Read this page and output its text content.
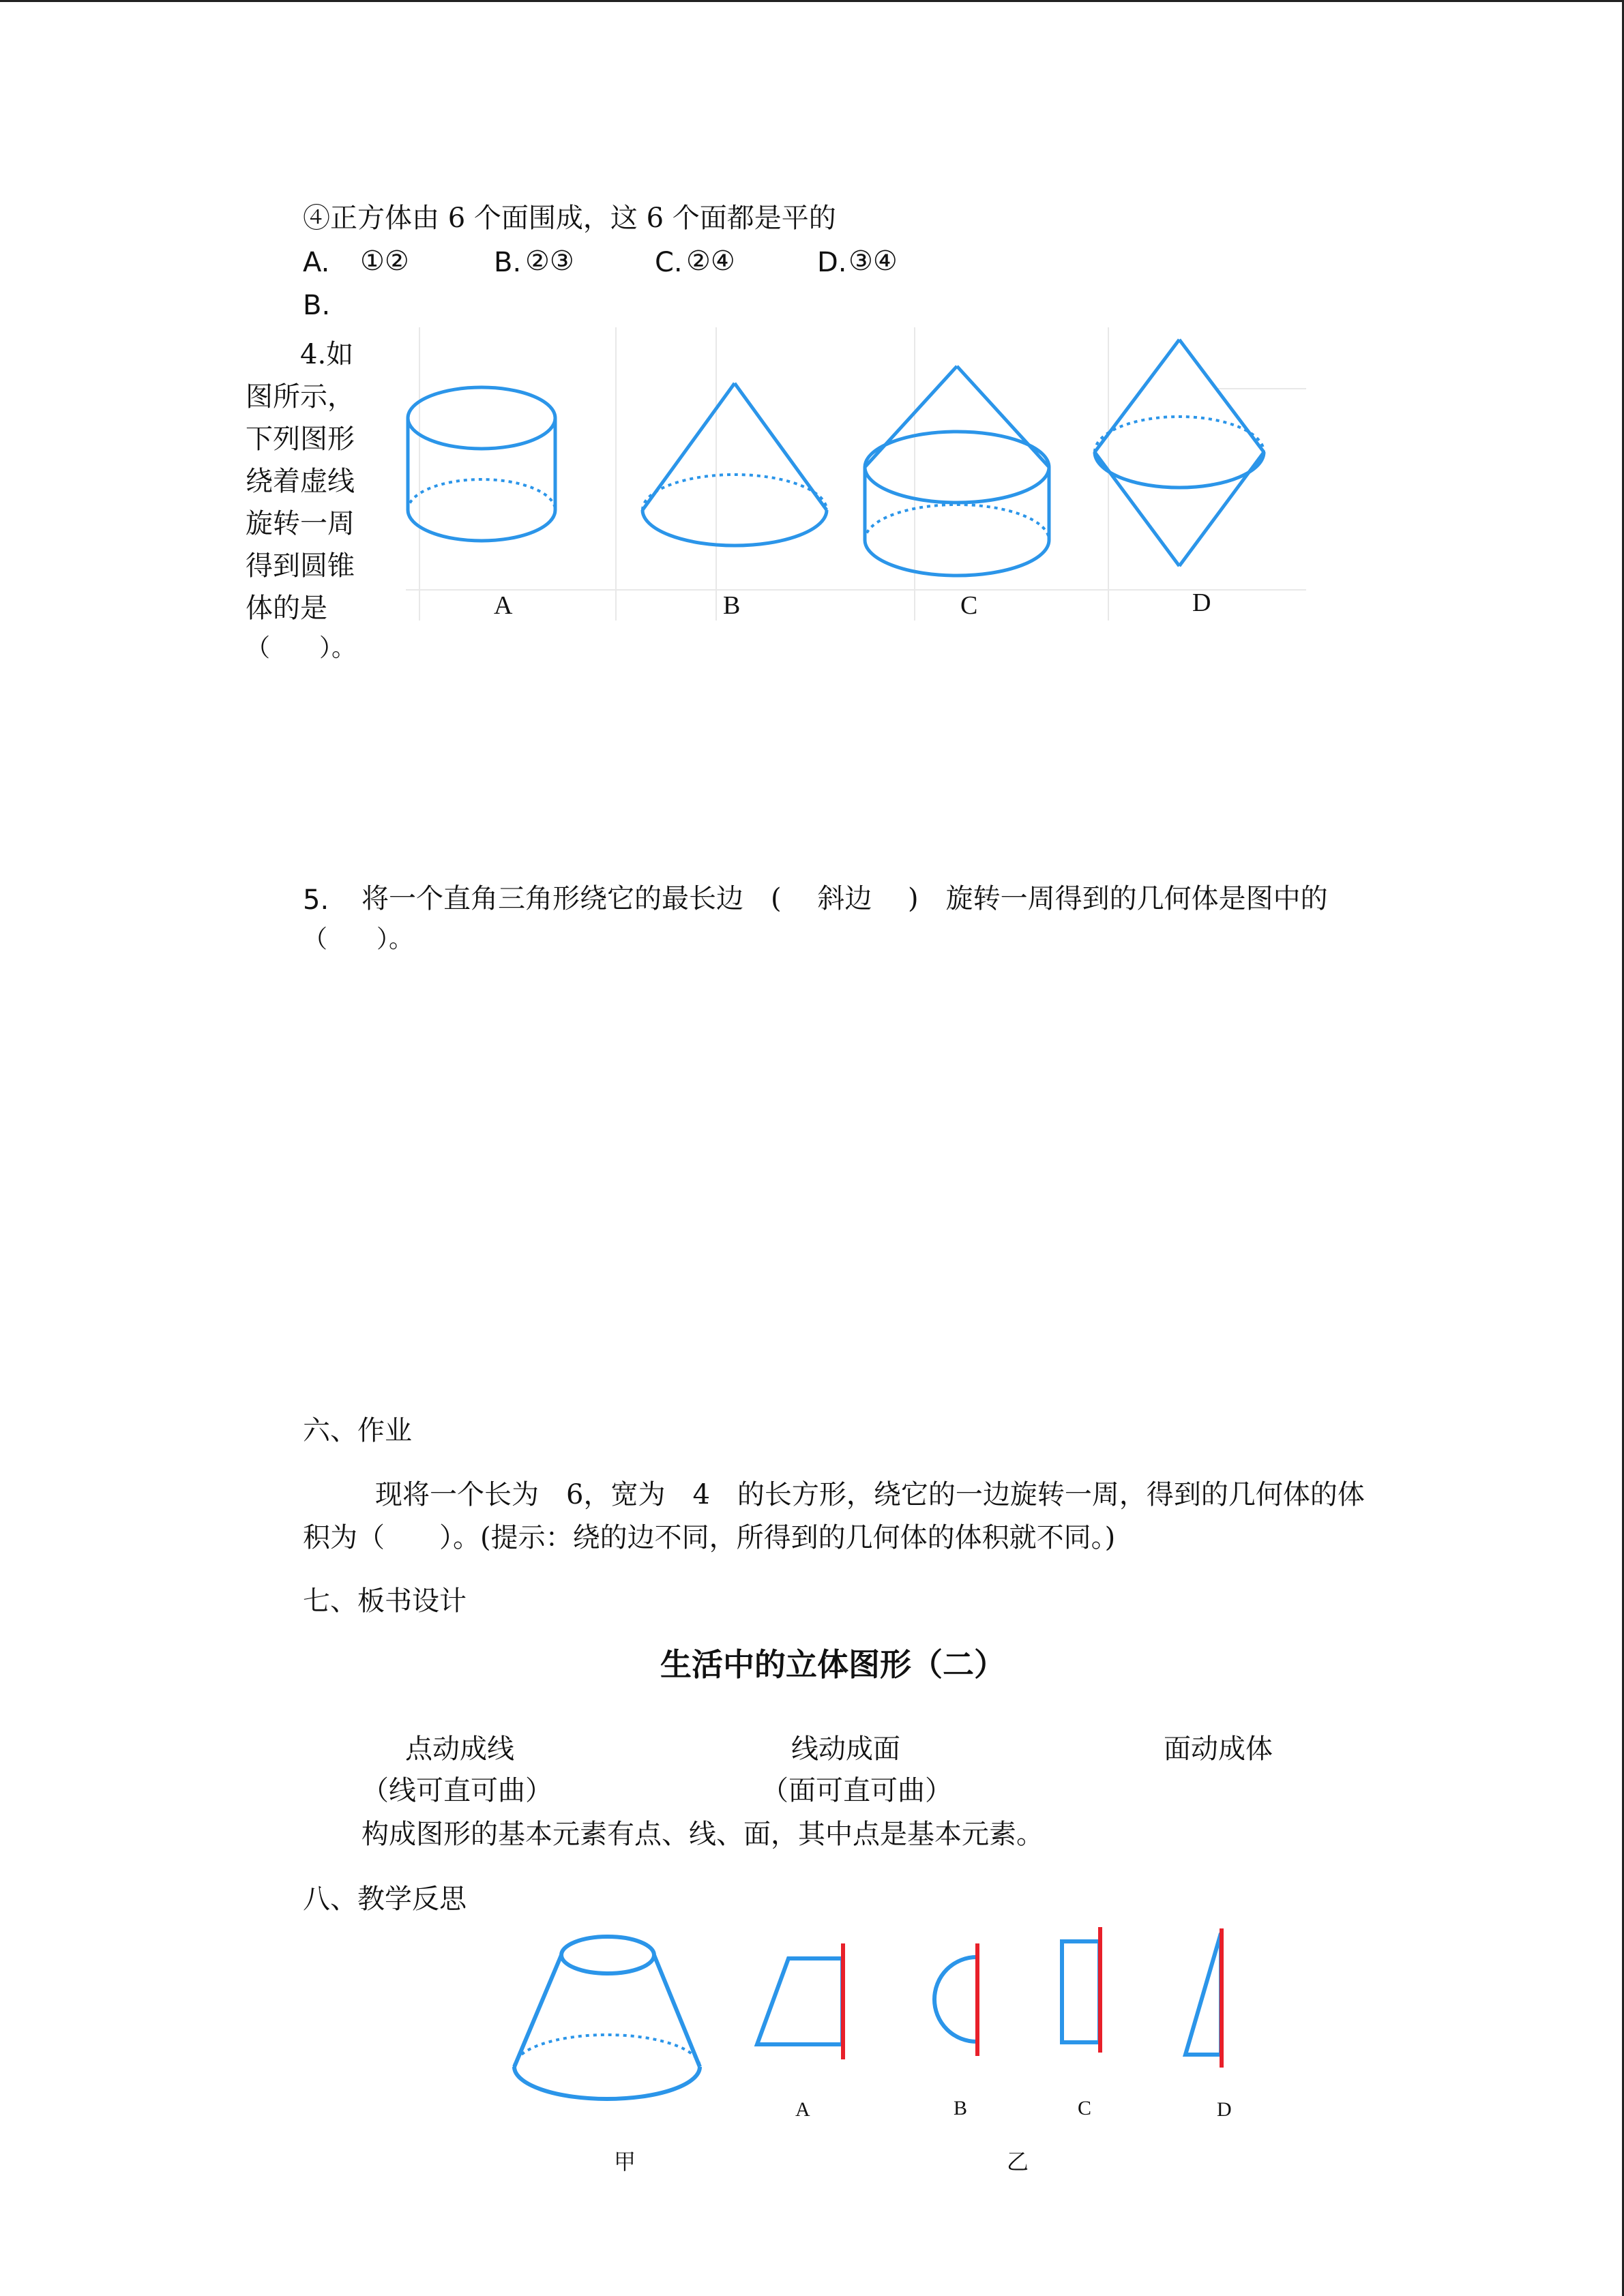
④正方体由 6 个面围成，这 6 个面都是平的
A. ①②	B. ②③	C. ②④	D. ③④
B.
4.如
图所示，
下列图形
绕着虚线
旋转一周
得到圆锥
体的是
（　　）。
A	B	C	D
5. 将一个直角三角形绕它的最长边　(　 斜边　 )　旋转一周得到的几何体是图中的
（　　）。
六、作业
现将一个长为　6，宽为　4　的长方形，绕它的一边旋转一周，得到的几何体的体
积为（　　）。(提示：绕的边不同，所得到的几何体的体积就不同。)
七、板书设计
生活中的立体图形（二）
点动成线
（线可直可曲）
线动成面
（面可直可曲）
面动成体
构成图形的基本元素有点、线、面，其中点是基本元素。
八、教学反思
A	B	C	D
甲	乙
